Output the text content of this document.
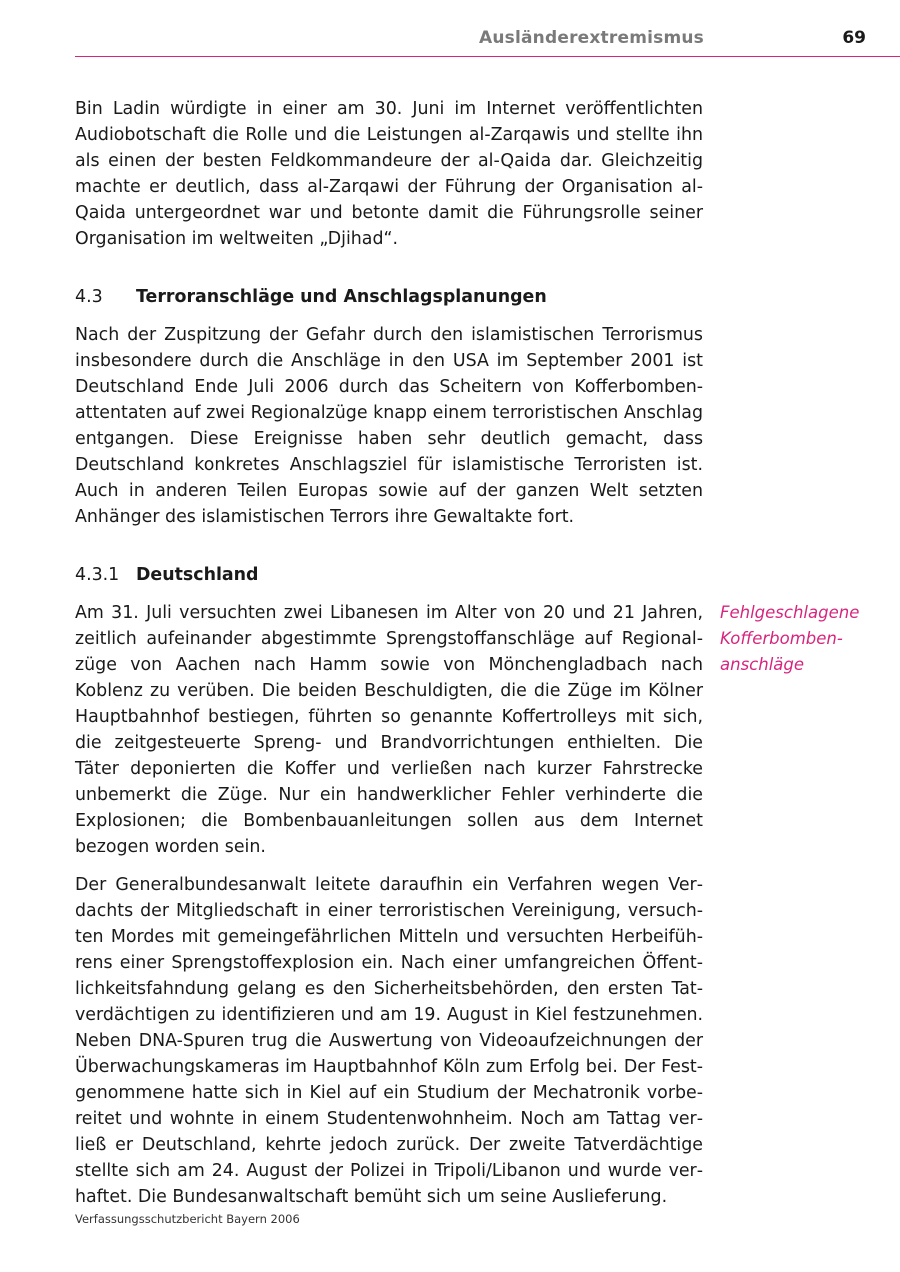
Ausländerextremismus	69

Bin Ladin würdigte in einer am 30. Juni im Internet veröffentlichten Audiobotschaft die Rolle und die Leistungen al-Zarqawis und stellte ihn als einen der besten Feldkommandeure der al-Qaida dar. Gleichzeitig machte er deutlich, dass al-Zarqawi der Führung der Organisation al-Qaida untergeordnet war und betonte damit die Führungsrolle seiner Organisation im weltweiten „Djihad“.

4.3 Terroranschläge und Anschlagsplanungen

Nach der Zuspitzung der Gefahr durch den islamistischen Terrorismus insbesondere durch die Anschläge in den USA im September 2001 ist Deutschland Ende Juli 2006 durch das Scheitern von Kofferbombenattentaten auf zwei Regionalzüge knapp einem terroristischen Anschlag entgangen. Diese Ereignisse haben sehr deutlich gemacht, dass Deutschland konkretes Anschlagsziel für islamistische Terroristen ist. Auch in anderen Teilen Europas sowie auf der ganzen Welt setzten Anhänger des islamistischen Terrors ihre Gewaltakte fort.

4.3.1 Deutschland

Am 31. Juli versuchten zwei Libanesen im Alter von 20 und 21 Jahren, zeitlich aufeinander abgestimmte Sprengstoffanschläge auf Regionalzüge von Aachen nach Hamm sowie von Mönchengladbach nach Koblenz zu verüben. Die beiden Beschuldigten, die die Züge im Kölner Hauptbahnhof bestiegen, führten so genannte Koffertrolleys mit sich, die zeitgesteuerte Spreng- und Brandvorrichtungen enthielten. Die Täter deponierten die Koffer und verließen nach kurzer Fahrstrecke unbemerkt die Züge. Nur ein handwerklicher Fehler verhinderte die Explosionen; die Bombenbauanleitungen sollen aus dem Internet bezogen worden sein.

Der Generalbundesanwalt leitete daraufhin ein Verfahren wegen Verdachts der Mitgliedschaft in einer terroristischen Vereinigung, versuchten Mordes mit gemeingefährlichen Mitteln und versuchten Herbeiführens einer Sprengstoffexplosion ein. Nach einer umfangreichen Öffentlichkeitsfahndung gelang es den Sicherheitsbehörden, den ersten Tatverdächtigen zu identifizieren und am 19. August in Kiel festzunehmen. Neben DNA-Spuren trug die Auswertung von Videoaufzeichnungen der Überwachungskameras im Hauptbahnhof Köln zum Erfolg bei. Der Festgenommene hatte sich in Kiel auf ein Studium der Mechatronik vorbereitet und wohnte in einem Studentenwohnheim. Noch am Tattag verließ er Deutschland, kehrte jedoch zurück. Der zweite Tatverdächtige stellte sich am 24. August der Polizei in Tripoli/Libanon und wurde verhaftet. Die Bundesanwaltschaft bemüht sich um seine Auslieferung.

Fehlgeschlagene
Kofferbomben-
anschläge
Verfassungsschutzbericht Bayern 2006
